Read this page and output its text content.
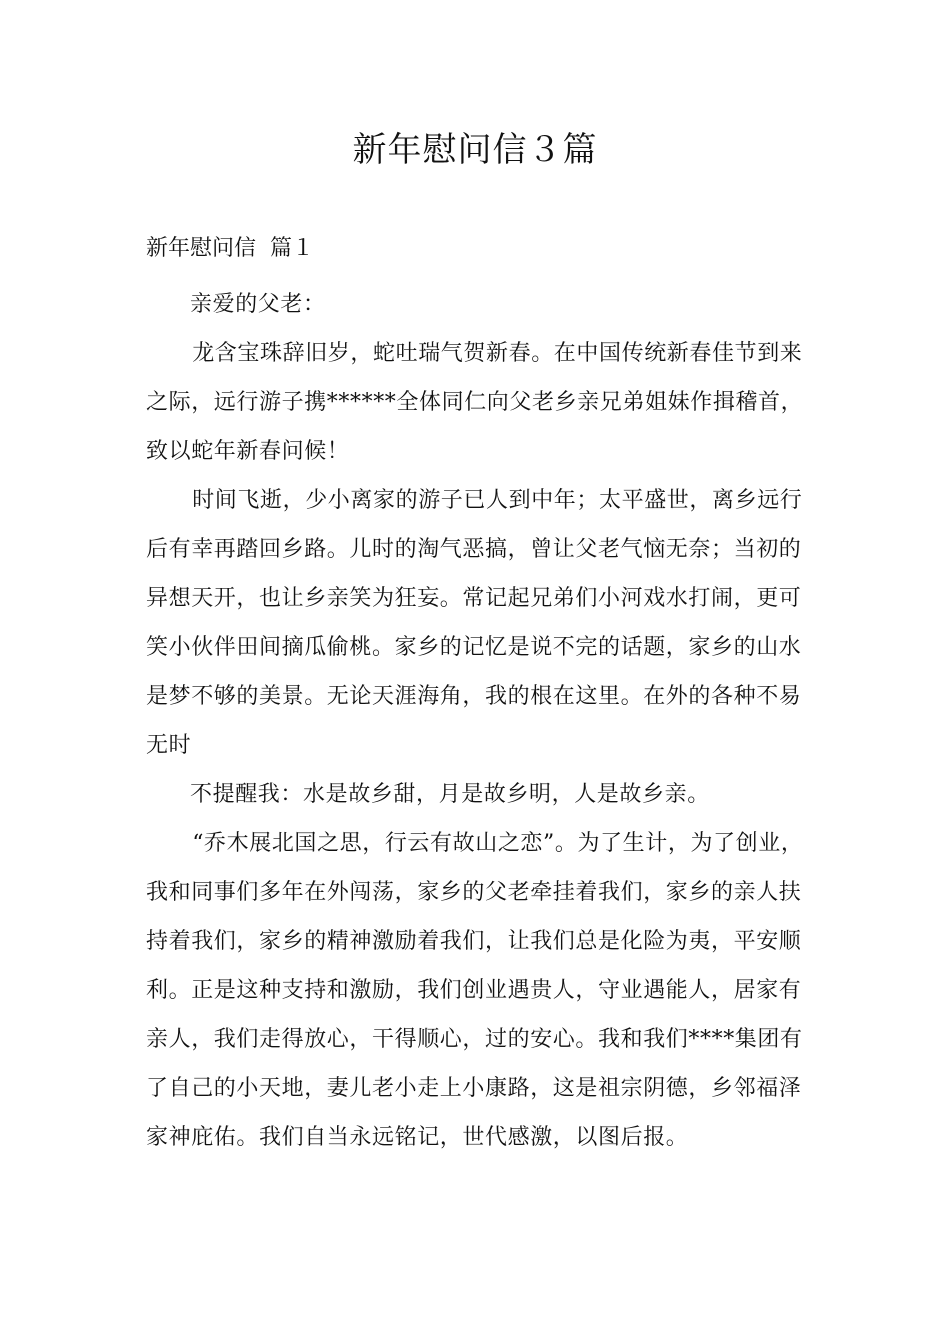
新年慰问信３篇
新年慰问信  篇１

亲爱的父老：

龙含宝珠辞旧岁，蛇吐瑞气贺新春。在中国传统新春佳节到来之际，远行游子携******全体同仁向父老乡亲兄弟姐妹作揖稽首，致以蛇年新春问候！

时间飞逝，少小离家的游子已人到中年；太平盛世，离乡远行后有幸再踏回乡路。儿时的淘气恶搞，曾让父老气恼无奈；当初的异想天开，也让乡亲笑为狂妄。常记起兄弟们小河戏水打闹，更可笑小伙伴田间摘瓜偷桃。家乡的记忆是说不完的话题，家乡的山水是梦不够的美景。无论天涯海角，我的根在这里。在外的各种不易无时

不提醒我：水是故乡甜，月是故乡明，人是故乡亲。

“乔木展北国之思，行云有故山之恋”。为了生计，为了创业，我和同事们多年在外闯荡，家乡的父老牵挂着我们，家乡的亲人扶持着我们，家乡的精神激励着我们，让我们总是化险为夷，平安顺利。正是这种支持和激励，我们创业遇贵人，守业遇能人，居家有亲人，我们走得放心，干得顺心，过的安心。我和我们****集团有了自己的小天地，妻儿老小走上小康路，这是祖宗阴德，乡邻福泽家神庇佑。我们自当永远铭记，世代感激，以图后报。
